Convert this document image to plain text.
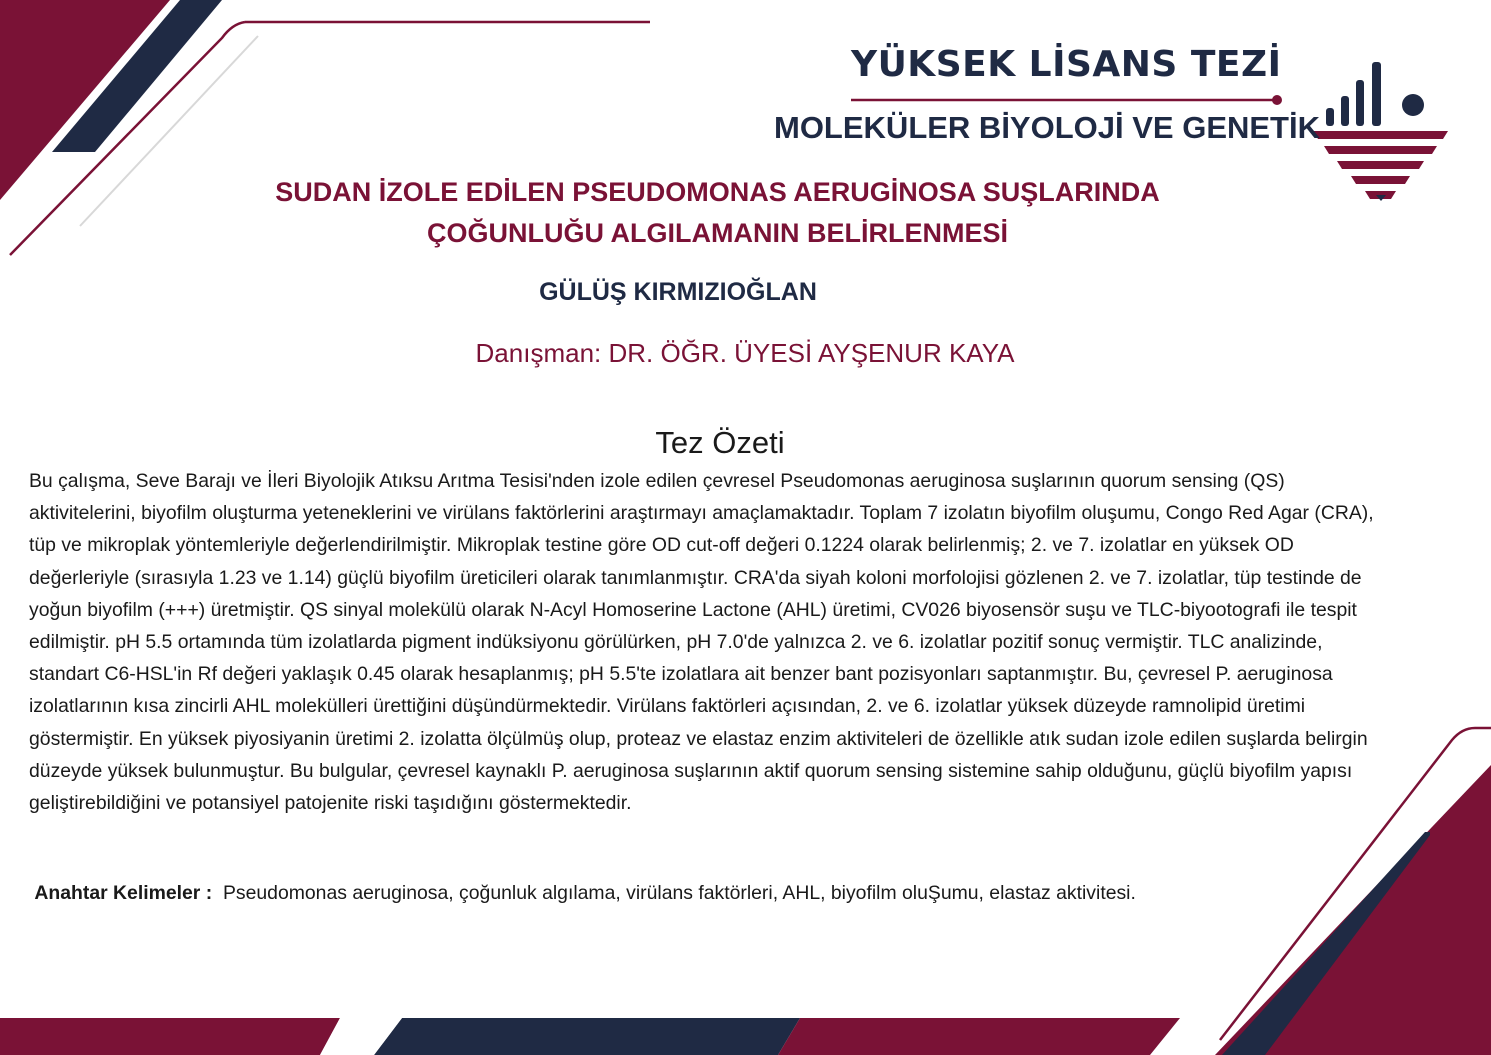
YÜKSEK LİSANS TEZİ
MOLEKÜLER BİYOLOJİ VE GENETİK
SUDAN İZOLE EDİLEN PSEUDOMONAS AERUGİNOSA SUŞLARINDA ÇOĞUNLUĞU ALGILAMANIN BELİRLENMESİ
GÜLÜŞ KIRMIZIOĞLAN
Danışman: DR. ÖĞR. ÜYESİ AYŞENUR KAYA
Tez Özeti

Bu çalışma, Seve Barajı ve İleri Biyolojik Atıksu Arıtma Tesisi'nden izole edilen çevresel Pseudomonas aeruginosa suşlarının quorum sensing (QS) aktivitelerini, biyofilm oluşturma yeteneklerini ve virülans faktörlerini araştırmayı amaçlamaktadır. Toplam 7 izolatın biyofilm oluşumu, Congo Red Agar (CRA), tüp ve mikroplak yöntemleriyle değerlendirilmiştir. Mikroplak testine göre OD cut-off değeri 0.1224 olarak belirlenmiş; 2. ve 7. izolatlar en yüksek OD değerleriyle (sırasıyla 1.23 ve 1.14) güçlü biyofilm üreticileri olarak tanımlanmıştır. CRA'da siyah koloni morfolojisi gözlenen 2. ve 7. izolatlar, tüp testinde de yoğun biyofilm (+++) üretmiştir. QS sinyal molekülü olarak N-Acyl Homoserine Lactone (AHL) üretimi, CV026 biyosensör suşu ve TLC-biyootografi ile tespit edilmiştir. pH 5.5 ortamında tüm izolatlarda pigment indüksiyonu görülürken, pH 7.0'de yalnızca 2. ve 6. izolatlar pozitif sonuç vermiştir. TLC analizinde, standart C6-HSL'in Rf değeri yaklaşık 0.45 olarak hesaplanmış; pH 5.5'te izolatlara ait benzer bant pozisyonları saptanmıştır. Bu, çevresel P. aeruginosa izolatlarının kısa zincirli AHL molekülleri ürettiğini düşündürmektedir. Virülans faktörleri açısından, 2. ve 6. izolatlar yüksek düzeyde ramnolipid üretimi göstermiştir. En yüksek piyosiyanin üretimi 2. izolatta ölçülmüş olup, proteaz ve elastaz enzim aktiviteleri de özellikle atık sudan izole edilen suşlarda belirgin düzeyde yüksek bulunmuştur. Bu bulgular, çevresel kaynaklı P. aeruginosa suşlarının aktif quorum sensing sistemine sahip olduğunu, güçlü biyofilm yapısı geliştirebildiğini ve potansiyel patojenite riski taşıdığını göstermektedir.

Anahtar Kelimeler : Pseudomonas aeruginosa, çoğunluk algılama, virülans faktörleri, AHL, biyofilm oluŞumu, elastaz aktivitesi.
